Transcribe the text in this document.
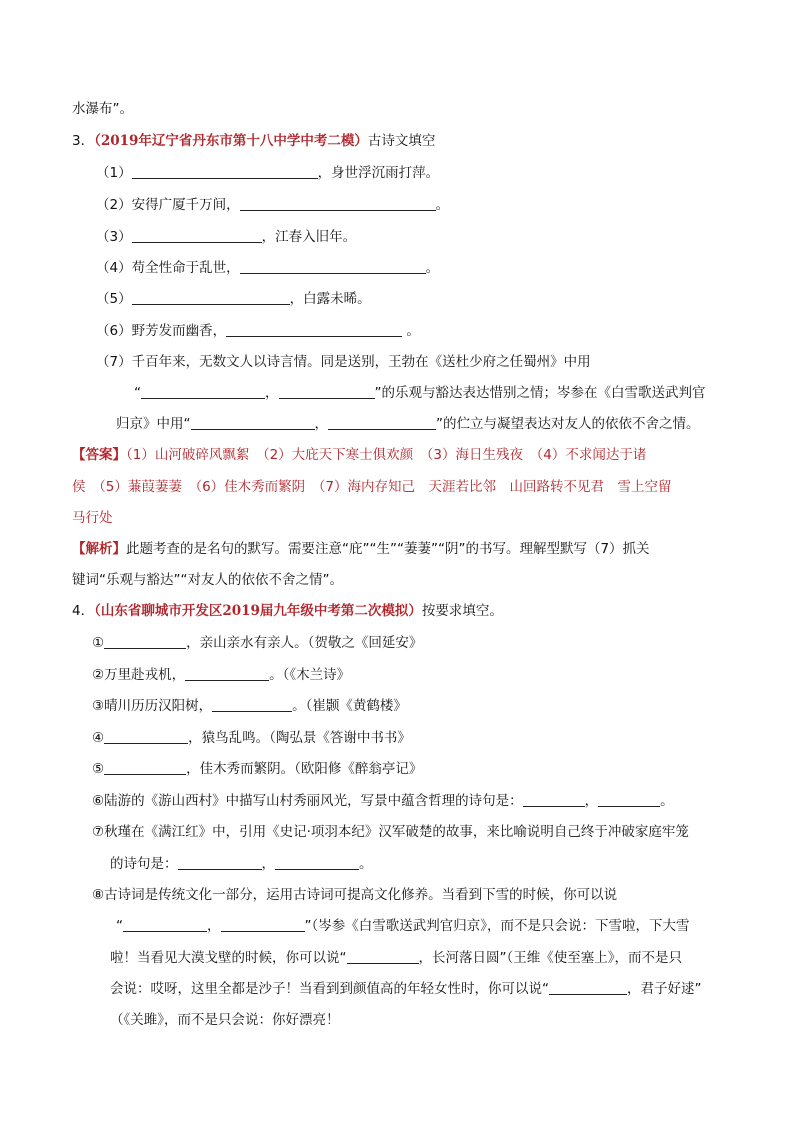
水瀑布”。
3．（2019年辽宁省丹东市第十八中学中考二模）古诗文填空
（1）	，身世浮沉雨打萍。
（2）安得广厦千万间，	。
（3）	，江春入旧年。
（4）苟全性命于乱世，	。
（5）	，白露未晞。
（6）野芳发而幽香，	。
（7）千百年来，无数文人以诗言情。同是送别，王勃在《送杜少府之任蜀州》中用
“	，	”的乐观与豁达表达惜别之情；岑参在《白雪歌送武判官
归京》中用“	，	”的伫立与凝望表达对友人的依依不舍之情。
【答案】（1）山河破碎风飘絮　（2）大庇天下寒士俱欢颜　（3）海日生残夜　（4）不求闻达于诸
侯　（5）蒹葭萋萋　（6）佳木秀而繁阴　（7）海内存知己　天涯若比邻　山回路转不见君　雪上空留
马行处
【解析】此题考查的是名句的默写。需要注意“庇”“生”“萋萋”“阴”的书写。理解型默写（7）抓关
键词“乐观与豁达”“对友人的依依不舍之情”。
4．（山东省聊城市开发区2019届九年级中考第二次模拟）按要求填空。
①	，亲山亲水有亲人。（贺敬之《回延安》
②万里赴戎机，	。（《木兰诗》
③晴川历历汉阳树，	。（崔颢《黄鹤楼》
④	，猿鸟乱鸣。（陶弘景《答谢中书书》
⑤	，佳木秀而繁阴。（欧阳修《醉翁亭记》
⑥陆游的《游山西村》中描写山村秀丽风光，写景中蕴含哲理的诗句是：	，	。
⑦秋瑾在《满江红》中，引用《史记·项羽本纪》汉军破楚的故事，来比喻说明自己终于冲破家庭牢笼
的诗句是：	，	。
⑧古诗词是传统文化一部分，运用古诗词可提高文化修养。当看到下雪的时候，你可以说
“	，	”（岑参《白雪歌送武判官归京》，而不是只会说：下雪啦，下大雪
啦！当看见大漠戈壁的时候，你可以说“	，长河落日圆”（王维《使至塞上》，而不是只
会说：哎呀，这里全都是沙子！当看到到颜值高的年轻女性时，你可以说“	，君子好逑”
（《关雎》，而不是只会说：你好漂亮！
